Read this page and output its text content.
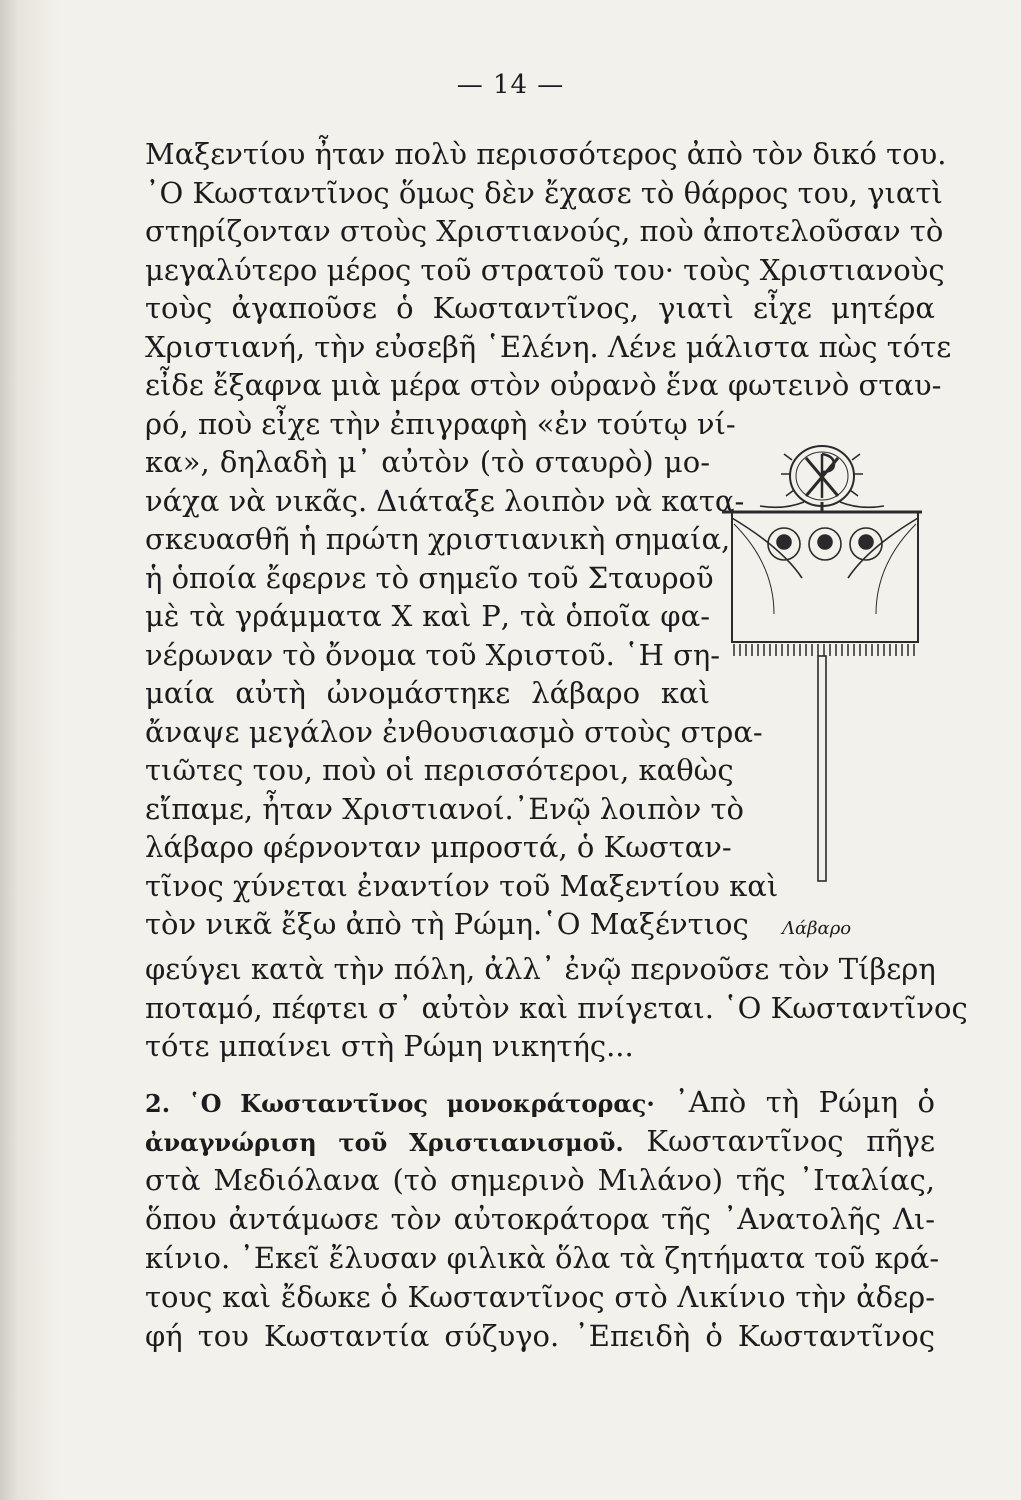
— 14 —
Μαξεντίου ἦταν πολὺ περισσότερος ἀπὸ τὸν δικό του.
᾿Ο Κωσταντῖνος ὅμως δὲν ἔχασε τὸ θάρρος του, γιατὶ
στηρίζονταν στοὺς Χριστιανούς, ποὺ ἀποτελοῦσαν τὸ
μεγαλύτερο μέρος τοῦ στρατοῦ του· τοὺς Χριστιανοὺς
τοὺς ἀγαποῦσε ὁ Κωσταντῖνος, γιατὶ εἶχε μητέρα
Χριστιανή, τὴν εὐσεβῆ ῾Ελένη. Λένε μάλιστα πὼς τότε
εἶδε ἔξαφνα μιὰ μέρα στὸν οὐρανὸ ἕνα φωτεινὸ σταυ-
ρό, ποὺ εἶχε τὴν ἐπιγραφὴ «ἐν τούτῳ νί-
κα», δηλαδὴ μ᾿ αὐτὸν (τὸ σταυρὸ) μο-
νάχα νὰ νικᾶς. Διάταξε λοιπὸν νὰ κατα-
σκευασθῆ ἡ πρώτη χριστιανικὴ σημαία,
ἡ ὁποία ἔφερνε τὸ σημεῖο τοῦ Σταυροῦ
μὲ τὰ γράμματα Χ καὶ Ρ, τὰ ὁποῖα φα-
νέρωναν τὸ ὄνομα τοῦ Χριστοῦ. ῾Η ση-
μαία αὐτὴ ὠνομάστηκε λάβαρο καὶ
ἄναψε μεγάλον ἐνθουσιασμὸ στοὺς στρα-
τιῶτες του, ποὺ οἱ περισσότεροι, καθὼς
εἴπαμε, ἦταν Χριστιανοί.᾿Ενῷ λοιπὸν τὸ
λάβαρο φέρνονταν μπροστά, ὁ Κωσταν-
τῖνος χύνεται ἐναντίον τοῦ Μαξεντίου καὶ
τὸν νικᾶ ἔξω ἀπὸ τὴ Ρώμη.῾Ο Μαξέντιος
φεύγει κατὰ τὴν πόλη, ἀλλ᾿ ἐνῷ περνοῦσε τὸν Τίβερη
ποταμό, πέφτει σ᾿ αὐτὸν καὶ πνίγεται. ῾Ο Κωσταντῖνος
τότε μπαίνει στὴ Ρώμη νικητής...
2. ῾Ο Κωσταντῖνος μονοκράτορας· ᾿Απὸ τὴ Ρώμη ὁ
ἀναγνώριση τοῦ Χριστιανισμοῦ. Κωσταντῖνος πῆγε
στὰ Μεδιόλανα (τὸ σημερινὸ Μιλάνο) τῆς ᾿Ιταλίας,
ὅπου ἀντάμωσε τὸν αὐτοκράτορα τῆς ᾿Ανατολῆς Λι-
κίνιο. ᾿Εκεῖ ἔλυσαν φιλικὰ ὅλα τὰ ζητήματα τοῦ κρά-
τους καὶ ἔδωκε ὁ Κωσταντῖνος στὸ Λικίνιο τὴν ἀδερ-
φή του Κωσταντία σύζυγο. ᾿Επειδὴ ὁ Κωσταντῖνος
Λάβαρο
